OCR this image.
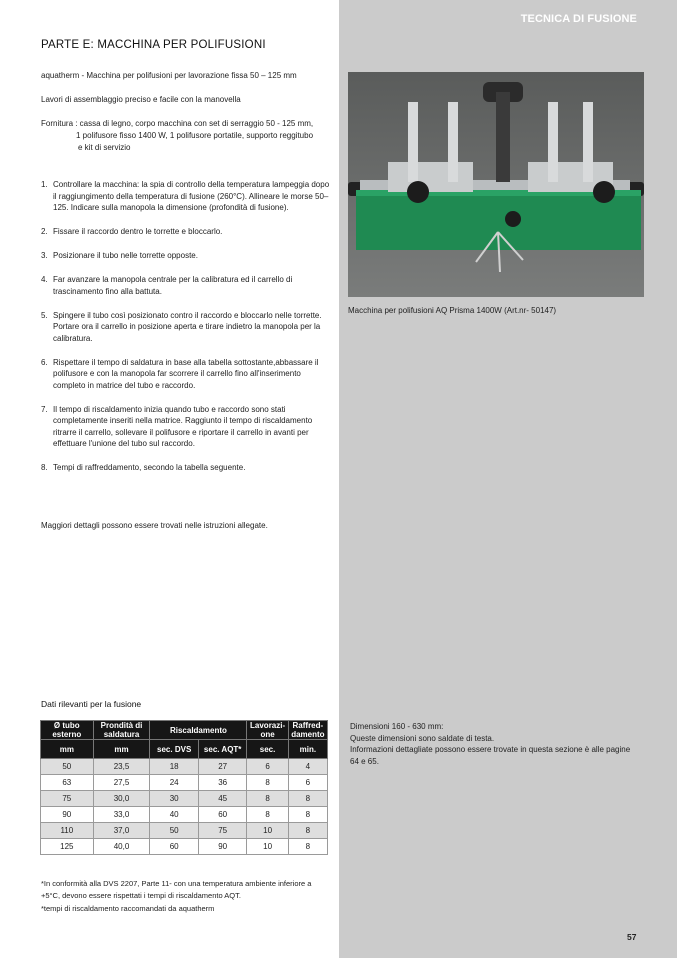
TECNICA DI FUSIONE
PARTE E: MACCHINA PER POLIFUSIONI
aquatherm - Macchina per polifusioni per lavorazione fissa 50 – 125 mm
Lavori di assemblaggio preciso e facile con la manovella
Fornitura : cassa di legno, corpo macchina con set di serraggio 50 - 125 mm,
1 polifusore fisso 1400 W, 1 polifusore portatile, supporto reggitubo
e kit di servizio
1. Controllare la macchina: la spia di controllo della temperatura lampeggia dopo il raggiungimento della temperatura di fusione (260°C). Allineare le morse 50–125. Indicare sulla manopola la dimensione (profondità di fusione).
2. Fissare il raccordo dentro le torrette e bloccarlo.
3. Posizionare il tubo nelle torrette opposte.
4. Far avanzare la manopola centrale per la calibratura ed il carrello di trascinamento fino alla battuta.
5. Spingere il tubo così posizionato contro il raccordo e bloccarlo nelle torrette. Portare ora il carrello in posizione aperta e tirare indietro la manopola per la calibratura.
6. Rispettare il tempo di saldatura in base alla tabella sottostante,abbassare il polifusore e con la manopola far scorrere il carrello fino all'inserimento completo in matrice del tubo e raccordo.
7. Il tempo di riscaldamento inizia quando tubo e raccordo sono stati completamente inseriti nella matrice. Raggiunto il tempo di riscaldamento ritrarre il carrello, sollevare il polifusore e riportare il carrello in avanti per effettuare l'unione del tubo sul raccordo.
8. Tempi di raffreddamento, secondo la tabella seguente.
Maggiori dettagli possono essere trovati nelle istruzioni allegate.
Macchina per polifusioni AQ Prisma 1400W (Art.nr- 50147)
Dati rilevanti per la fusione
Ø tubo esterno	Prondità di saldatura	Riscaldamento		Lavorazi-one	Raffred-damento
mm	mm	sec. DVS	sec. AQT*	sec.	min.
50	23,5	18	27	6	4
63	27,5	24	36	8	6
75	30,0	30	45	8	8
90	33,0	40	60	8	8
110	37,0	50	75	10	8
125	40,0	60	90	10	8
*In conformità alla DVS 2207, Parte 11- con una temperatura ambiente inferiore a +5°C, devono essere rispettati i tempi di riscaldamento AQT.
*tempi di riscaldamento raccomandati da aquatherm
Dimensioni 160 - 630 mm:
Queste dimensioni sono saldate di testa.
Informazioni dettagliate possono essere trovate in questa sezione è alle pagine 64 e 65.
57
